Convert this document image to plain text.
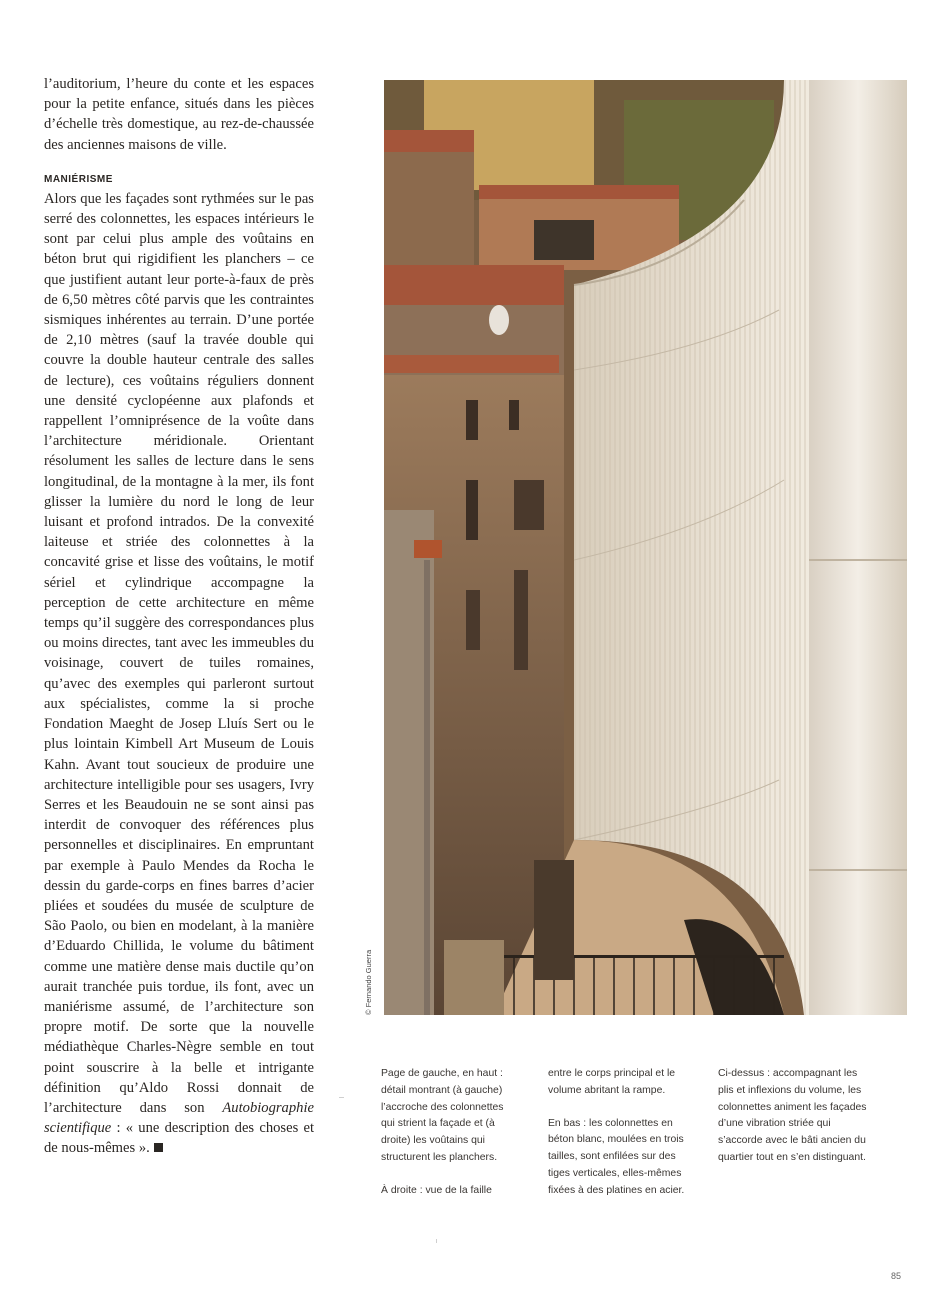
l’auditorium, l’heure du conte et les espaces pour la petite enfance, situés dans les pièces d’échelle très domestique, au rez-de-chaussée des anciennes maisons de ville.

MANIÉRISME

Alors que les façades sont rythmées sur le pas serré des colonnettes, les espaces intérieurs le sont par celui plus ample des voûtains en béton brut qui rigidifient les planchers – ce que justifient autant leur porte-à-faux de près de 6,50 mètres côté parvis que les contraintes sismiques inhérentes au terrain. D’une portée de 2,10 mètres (sauf la travée double qui couvre la double hauteur centrale des salles de lecture), ces voûtains réguliers donnent une densité cyclopéenne aux plafonds et rappellent l’omniprésence de la voûte dans l’architecture méridionale. Orientant résolument les salles de lecture dans le sens longitudinal, de la montagne à la mer, ils font glisser la lumière du nord le long de leur luisant et profond intrados. De la convexité laiteuse et striée des colonnettes à la concavité grise et lisse des voûtains, le motif sériel et cylindrique accompagne la perception de cette architecture en même temps qu’il suggère des correspondances plus ou moins directes, tant avec les immeubles du voisinage, couvert de tuiles romaines, qu’avec des exemples qui parleront surtout aux spécialistes, comme la si proche Fondation Maeght de Josep Lluís Sert ou le plus lointain Kimbell Art Museum de Louis Kahn. Avant tout soucieux de produire une architecture intelligible pour ses usagers, Ivry Serres et les Beaudouin ne se sont ainsi pas interdit de convoquer des références plus personnelles et disciplinaires. En empruntant par exemple à Paulo Mendes da Rocha le dessin du garde-corps en fines barres d’acier pliées et soudées du musée de sculpture de São Paolo, ou bien en modelant, à la manière d’Eduardo Chillida, le volume du bâtiment comme une matière dense mais ductile qu’on aurait tranchée puis tordue, ils font, avec un maniérisme assumé, de l’architecture son propre motif. De sorte que la nouvelle médiathèque Charles-Nègre semble en tout point souscrire à la belle et intrigante définition qu’Aldo Rossi donnait de l’architecture dans son Autobiographie scientifique : « une description des choses et de nous-mêmes ».

© Fernando Guerra

Page de gauche, en haut : détail montrant (à gauche) l’accroche des colonnettes qui strient la façade et (à droite) les voûtains qui structurent les planchers.

À droite : vue de la faille

entre le corps principal et le volume abritant la rampe.

En bas : les colonnettes en béton blanc, moulées en trois tailles, sont enfilées sur des tiges verticales, elles-mêmes fixées à des platines en acier.

Ci-dessus : accompagnant les plis et inflexions du volume, les colonnettes animent les façades d’une vibration striée qui s’accorde avec le bâti ancien du quartier tout en s’en distinguant.

85
